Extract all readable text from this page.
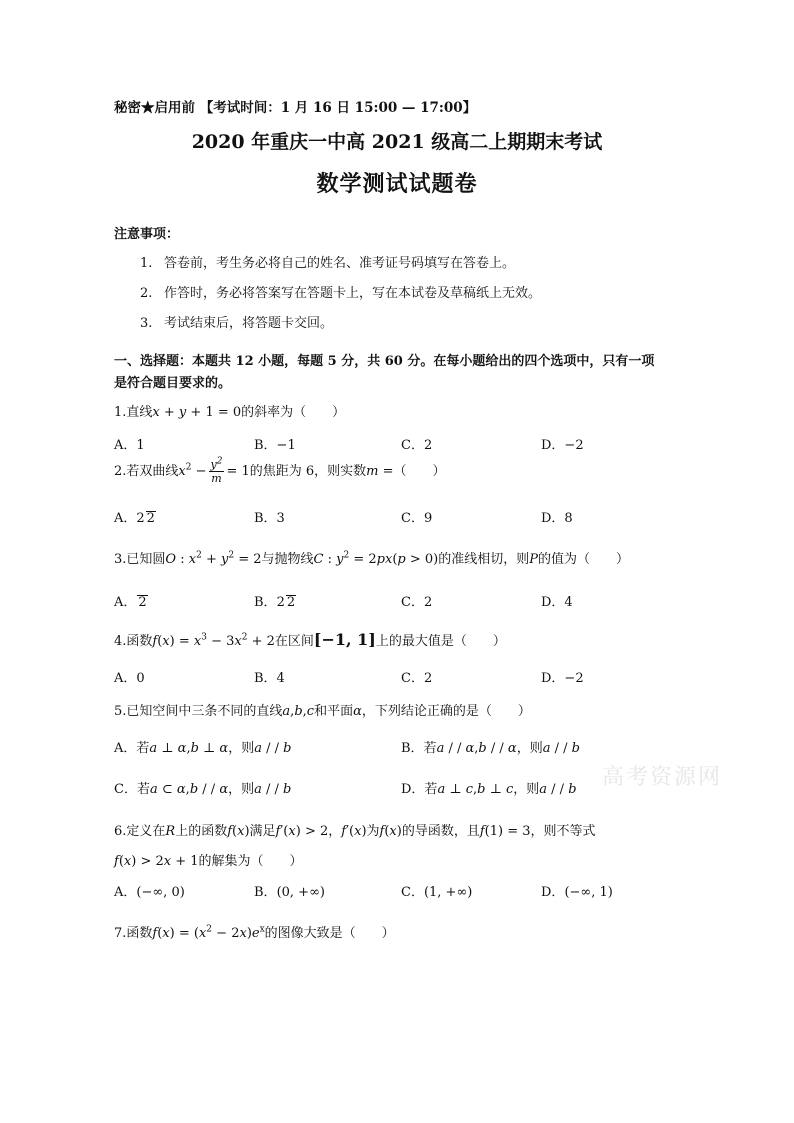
秘密★启用前 【考试时间：1 月 16 日 15:00 — 17:00】
2020 年重庆一中高 2021 级高二上期期末考试
数学测试试题卷
注意事项：
1. 答卷前，考生务必将自己的姓名、准考证号码填写在答卷上。
2. 作答时，务必将答案写在答题卡上，写在本试卷及草稿纸上无效。
3. 考试结束后，将答题卡交回。
一、选择题：本题共 12 小题，每题 5 分，共 60 分。在每小题给出的四个选项中，只有一项
是符合题目要求的。
1.直线x + y + 1 = 0的斜率为（　　）
A．1	B．−1	C．2	D．−2
2.若双曲线$x^2 - \frac{y^2}{m} = 1$的焦距为 6，则实数m =（　　）
A．2 2	B．3	C．9	D．8
3.已知圆O : $x^2 + y^2 = 2$与抛物线C : $y^2 = 2px(p > 0)$的准线相切，则P的值为（　　）
A． 2	B．2 2	C．2	D．4
4.函数$f(x) = x^3 - 3x^2 + 2$在区间[−1, 1]上的最大值是（　　）
A．0	B．4	C．2	D．−2
5.已知空间中三条不同的直线a,b,c和平面α，下列结论正确的是（　　）
A．若a ⊥ α,b ⊥ α，则a / / b	B．若a / / α,b / / α，则a / / b
C．若a ⊂ α,b / / α，则a / / b	D．若a ⊥ c,b ⊥ c，则a / / b 高考资源网
6.定义在R上的函数f(x)满足f′(x) > 2，f′(x)为f(x)的导函数，且f(1) = 3，则不等式
f(x) > 2x + 1的解集为（　　）
A．(−∞, 0)	B．(0, +∞)	C．(1, +∞)	D．(−∞, 1)
7.函数$f(x) = (x^2 - 2x)e^x$的图像大致是（　　）
